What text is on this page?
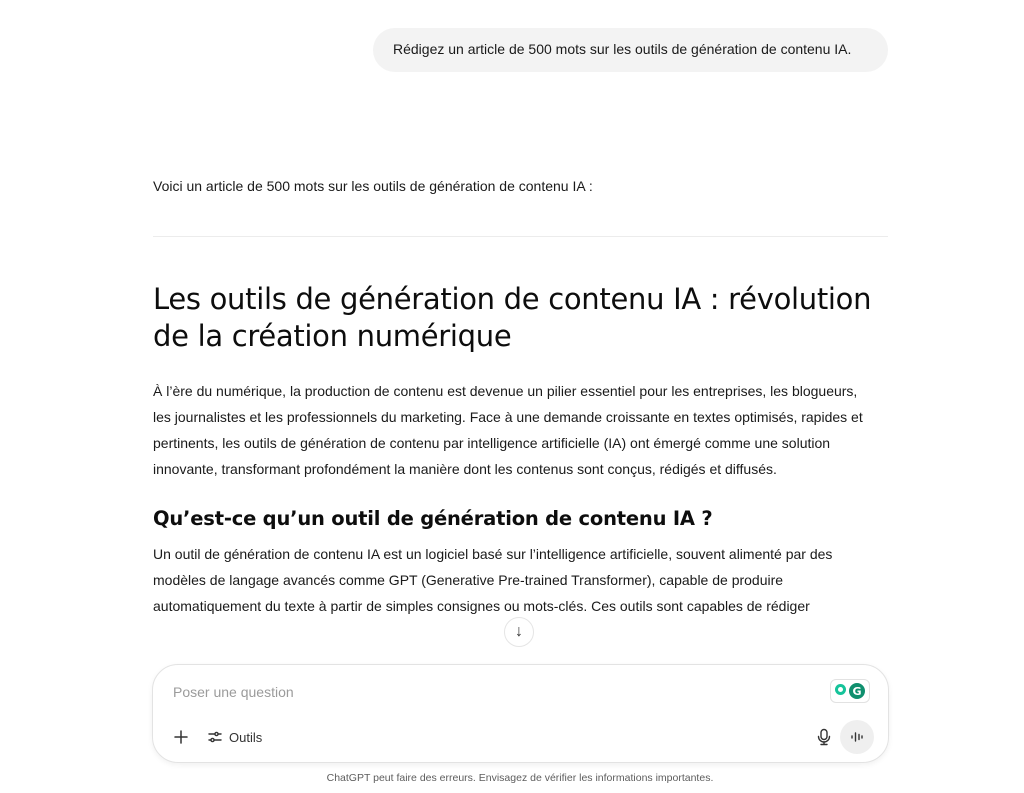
Rédigez un article de 500 mots sur les outils de génération de contenu IA.

Voici un article de 500 mots sur les outils de génération de contenu IA :

Les outils de génération de contenu IA : révolution de la création numérique

À l’ère du numérique, la production de contenu est devenue un pilier essentiel pour les entreprises, les blogueurs, les journalistes et les professionnels du marketing. Face à une demande croissante en textes optimisés, rapides et pertinents, les outils de génération de contenu par intelligence artificielle (IA) ont émergé comme une solution innovante, transformant profondément la manière dont les contenus sont conçus, rédigés et diffusés.

Qu’est-ce qu’un outil de génération de contenu IA ?

Un outil de génération de contenu IA est un logiciel basé sur l’intelligence artificielle, souvent alimenté par des modèles de langage avancés comme GPT (Generative Pre-trained Transformer), capable de produire automatiquement du texte à partir de simples consignes ou mots-clés. Ces outils sont capables de rédiger

↓
Poser une question
G
Outils
ChatGPT peut faire des erreurs. Envisagez de vérifier les informations importantes.
